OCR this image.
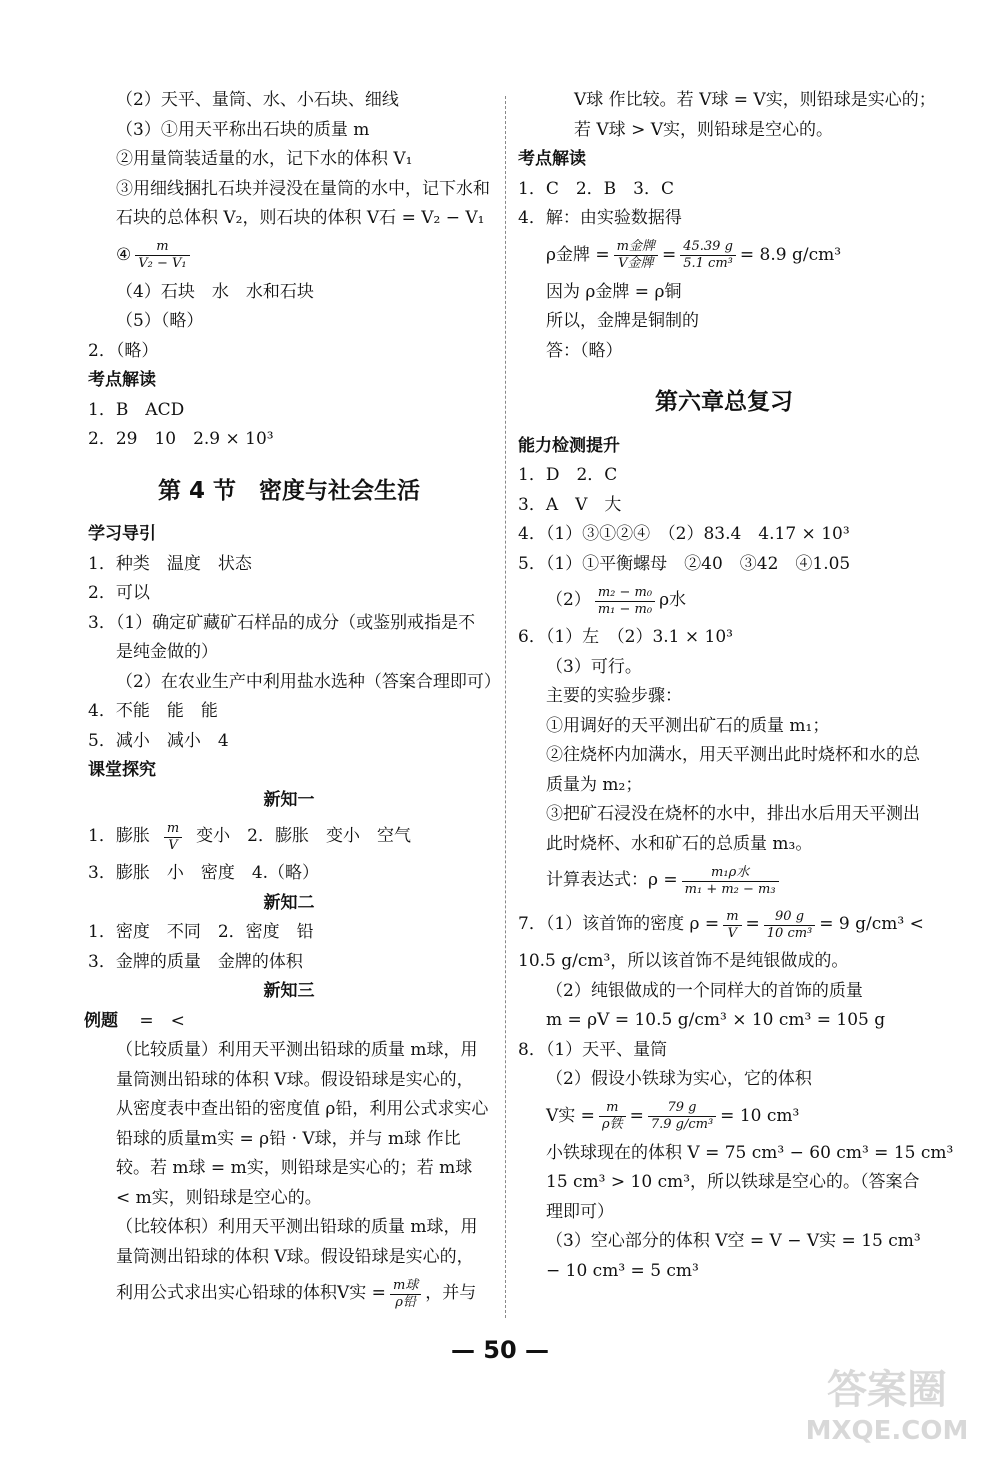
（2）天平、量筒、水、小石块、细线
（3）①用天平称出石块的质量 m
②用量筒装适量的水，记下水的体积 V₁
③用细线捆扎石块并浸没在量筒的水中，记下水和石块的总体积 V₂，则石块的体积 V石 = V₂ − V₁
④ $\frac{m}{\text{V₂ − V₁}}$
（4）石块　水　水和石块
（5）（略）
2．（略）
考点解读
1．B　ACD
2．29　10　2.9 × 10³
第 4 节　密度与社会生活
学习导引
1．种类　温度　状态
2．可以
3．（1）确定矿藏矿石样品的成分（或鉴别戒指是不是纯金做的）
（2）在农业生产中利用盐水选种（答案合理即可）
4．不能　能　能
5．减小　减小　4
课堂探究
新知一
1．膨胀 $\frac{m}{V}$ 变小　2．膨胀　变小　空气
3．膨胀　小　密度　4.（略）
新知二
1．密度　不同　2．密度　铅
3．金牌的质量　金牌的体积
新知三
例题 =　<
（比较质量）利用天平测出铅球的质量 m球，用量筒测出铅球的体积 V球。假设铅球是实心的，从密度表中查出铅的密度值 ρ铅，利用公式求实心铅球的质量m实 = ρ铅 · V球，并与 m球 作比较。若 m球 = m实，则铅球是实心的；若 m球 < m实，则铅球是空心的。
（比较体积）利用天平测出铅球的质量 m球，用量筒测出铅球的体积 V球。假设铅球是实心的，
利用公式求出实心铅球的体积V实 = $\frac{\text{m球}}{\text{ρ铅}}$ ，并与
V球 作比较。若 V球 = V实，则铅球是实心的；
若 V球 > V实，则铅球是空心的。
考点解读
1．C　2．B　3．C
4．解：由实验数据得
ρ金牌 = $\frac{\text{m金牌}}{\text{V金牌}} = \frac{45.39 g}{\text{5.1 cm³}} = 8.9$ g/cm³
因为 ρ金牌 = ρ铜
所以，金牌是铜制的
答：（略）
第六章总复习
能力检测提升
1．D　2．C
3．A　V　大
4．（1）③①②④　（2）83.4　4.17 × 10³
5．（1）①平衡螺母　②40　③42　④1.05
$(2) \frac{\text{m₂ − m₀}}{\text{m₁ − m₀}}$ ρ水
6．（1）左　（2）3.1 × 10³
（3）可行。
主要的实验步骤：
①用调好的天平测出矿石的质量 m₁；
②往烧杯内加满水，用天平测出此时烧杯和水的总质量为 m₂；
③把矿石浸没在烧杯的水中，排出水后用天平测出此时烧杯、水和矿石的总质量 m₃。
计算表达式：$\rho = \frac{\text{m₁ρ水}}{\text{m₁ + m₂ − m₃}}$
7．（1）该首饰的密度 $\rho = \frac{m}{V} = \frac{90 g}{\text{10 cm³}} = 9$ g/cm³ <
10.5 g/cm³，所以该首饰不是纯银做成的。
（2）纯银做成的一个同样大的首饰的质量
m = ρV = 10.5 g/cm³ × 10 cm³ = 105 g
8．（1）天平、量筒
（2）假设小铁球为实心，它的体积
V实 = $\frac{m}{\text{ρ铁}} = \frac{79 g}{\text{7.9 g/cm³}} = 10$ cm³
小铁球现在的体积 V = 75 cm³ − 60 cm³ = 15 cm³
15 cm³ > 10 cm³，所以铁球是空心的。（答案合理即可）
（3）空心部分的体积 V空 = V − V实 = 15 cm³ − 10 cm³ = 5 cm³
— 50 —
答案圈
MXQE.COM
